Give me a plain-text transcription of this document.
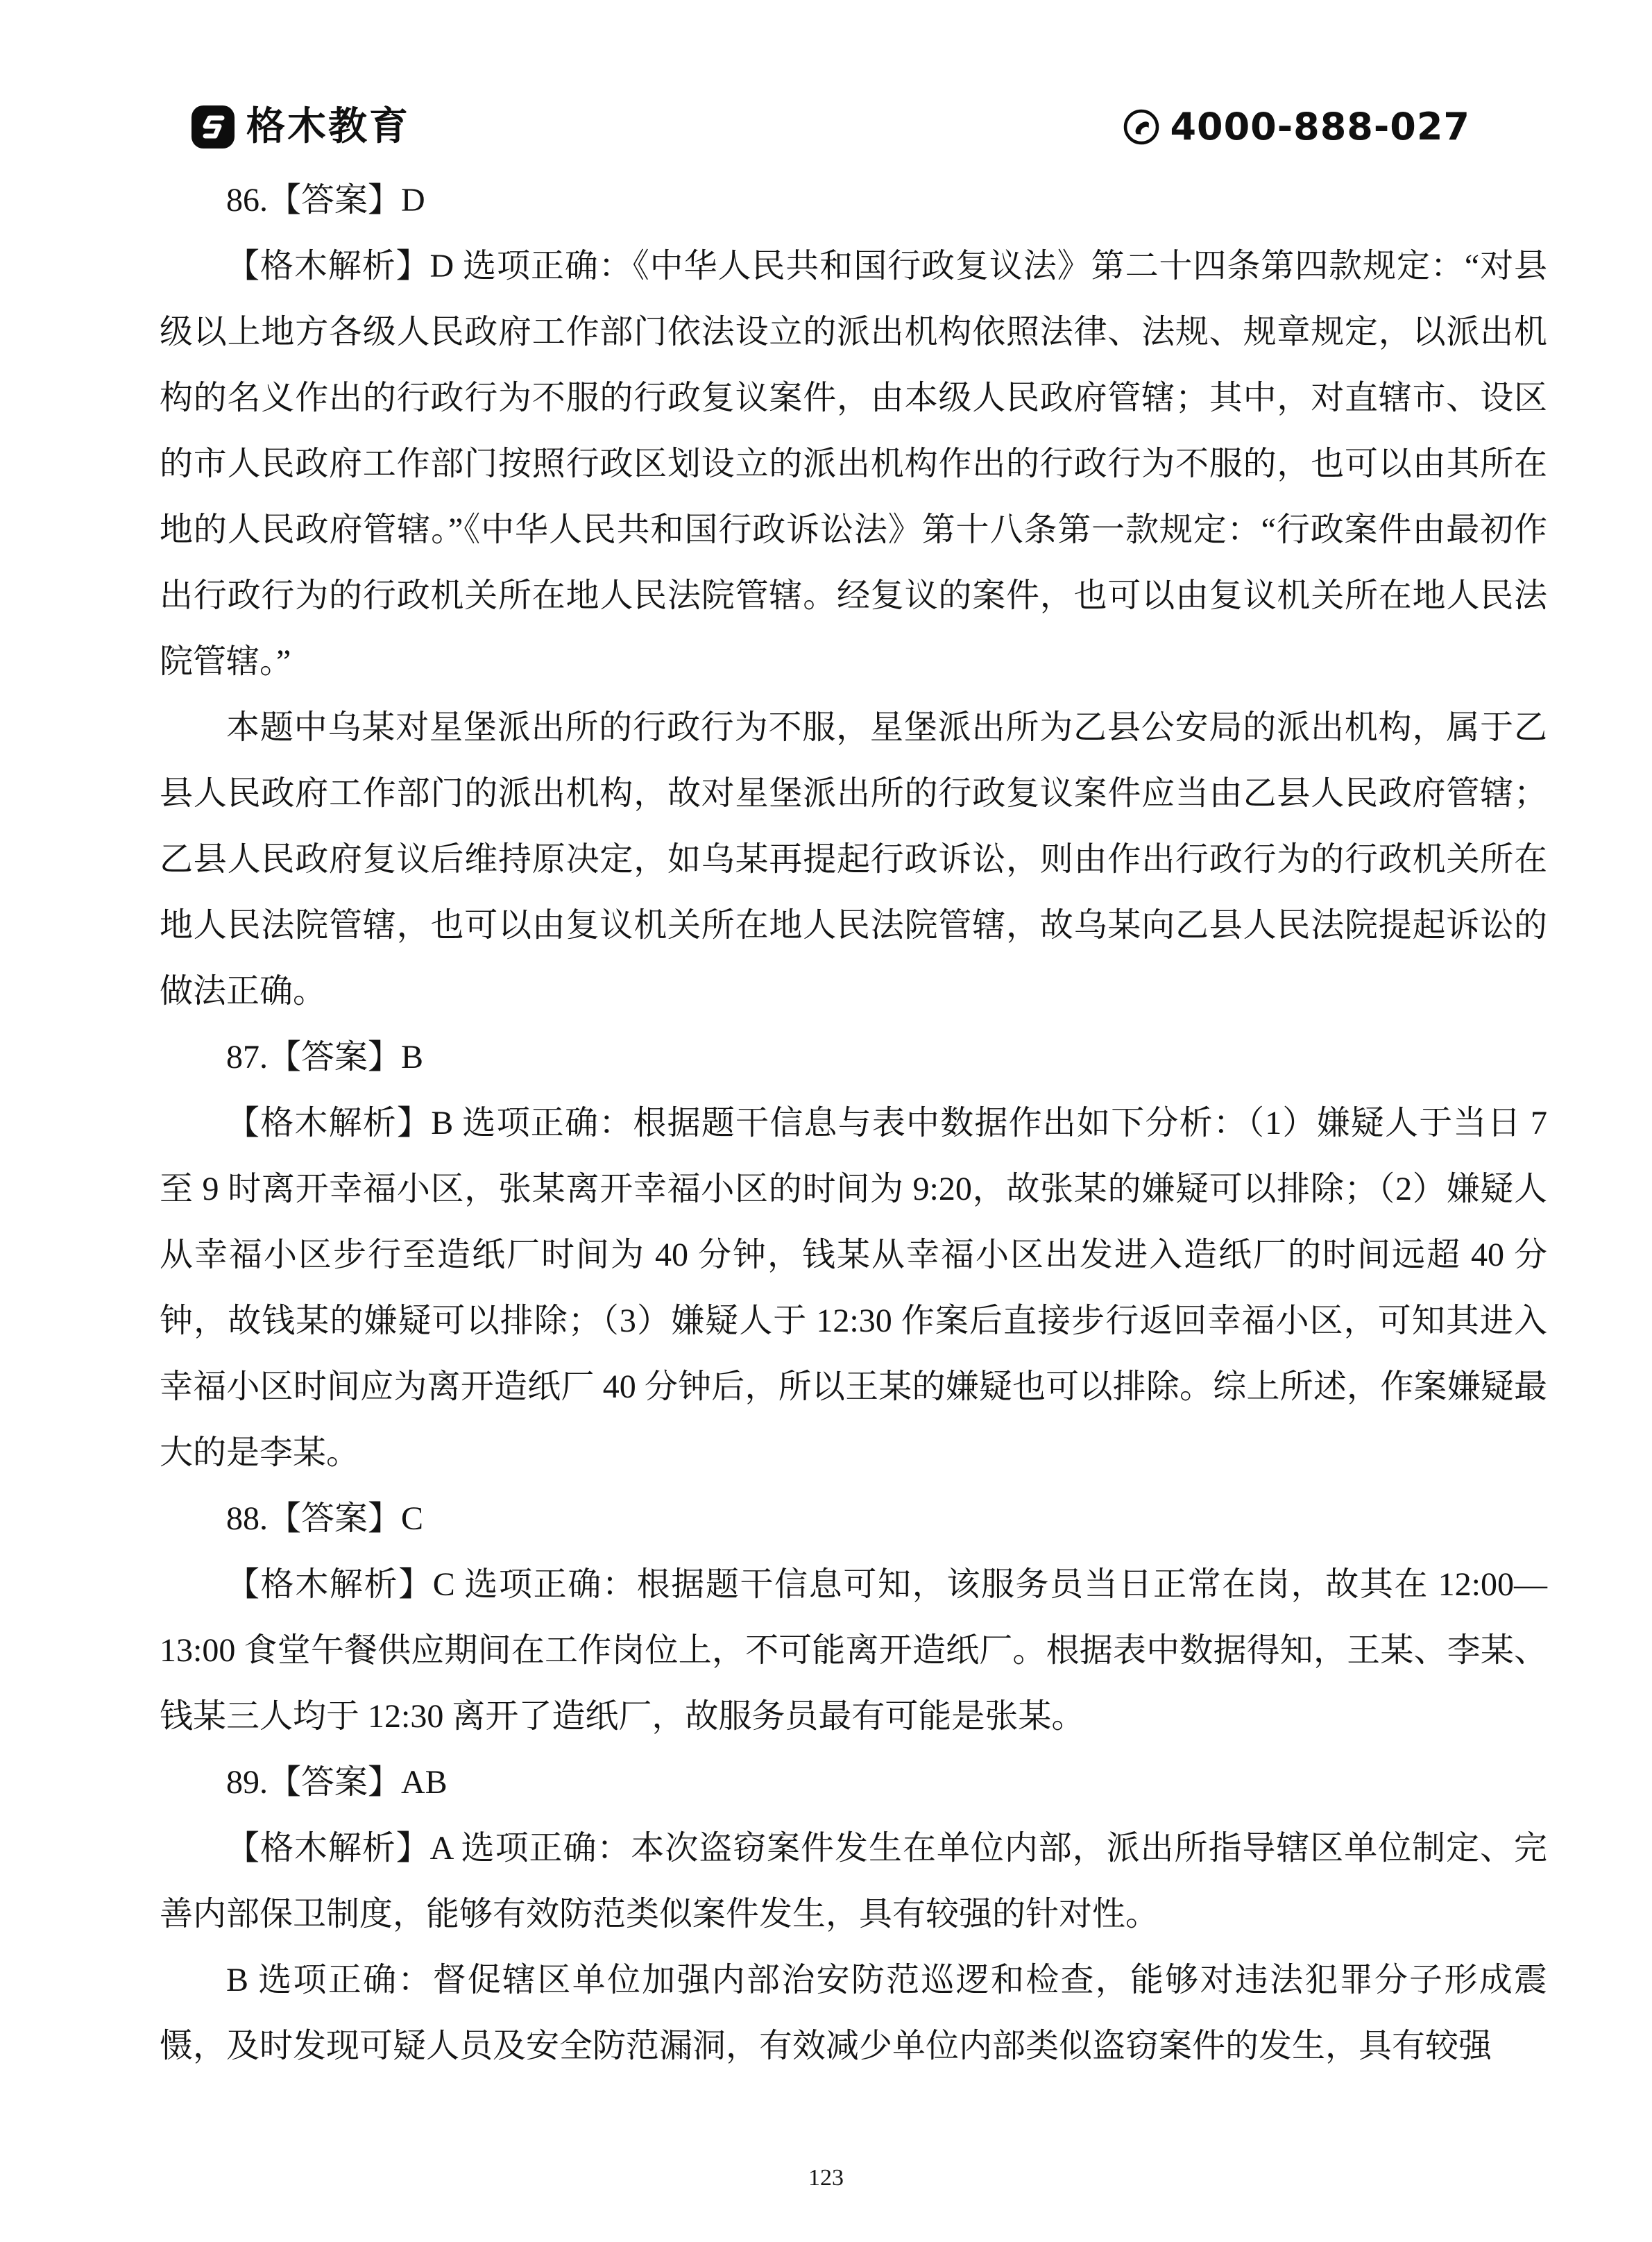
格木教育	4000-888-027

86.【答案】D

【格木解析】D 选项正确：《中华人民共和国行政复议法》第二十四条第四款规定：“对县级以上地方各级人民政府工作部门依法设立的派出机构依照法律、法规、规章规定，以派出机构的名义作出的行政行为不服的行政复议案件，由本级人民政府管辖；其中，对直辖市、设区的市人民政府工作部门按照行政区划设立的派出机构作出的行政行为不服的，也可以由其所在地的人民政府管辖。”《中华人民共和国行政诉讼法》第十八条第一款规定：“行政案件由最初作出行政行为的行政机关所在地人民法院管辖。经复议的案件，也可以由复议机关所在地人民法院管辖。”

本题中乌某对星堡派出所的行政行为不服，星堡派出所为乙县公安局的派出机构，属于乙县人民政府工作部门的派出机构，故对星堡派出所的行政复议案件应当由乙县人民政府管辖；乙县人民政府复议后维持原决定，如乌某再提起行政诉讼，则由作出行政行为的行政机关所在地人民法院管辖，也可以由复议机关所在地人民法院管辖，故乌某向乙县人民法院提起诉讼的做法正确。

87.【答案】B

【格木解析】B 选项正确：根据题干信息与表中数据作出如下分析：（1）嫌疑人于当日 7 至 9 时离开幸福小区，张某离开幸福小区的时间为 9:20，故张某的嫌疑可以排除；（2）嫌疑人从幸福小区步行至造纸厂时间为 40 分钟，钱某从幸福小区出发进入造纸厂的时间远超 40 分钟，故钱某的嫌疑可以排除；（3）嫌疑人于 12:30 作案后直接步行返回幸福小区，可知其进入幸福小区时间应为离开造纸厂 40 分钟后，所以王某的嫌疑也可以排除。综上所述，作案嫌疑最大的是李某。

88.【答案】C

【格木解析】C 选项正确：根据题干信息可知，该服务员当日正常在岗，故其在 12:00—13:00 食堂午餐供应期间在工作岗位上，不可能离开造纸厂。根据表中数据得知，王某、李某、钱某三人均于 12:30 离开了造纸厂，故服务员最有可能是张某。

89.【答案】AB

【格木解析】A 选项正确：本次盗窃案件发生在单位内部，派出所指导辖区单位制定、完善内部保卫制度，能够有效防范类似案件发生，具有较强的针对性。

B 选项正确：督促辖区单位加强内部治安防范巡逻和检查，能够对违法犯罪分子形成震慑，及时发现可疑人员及安全防范漏洞，有效减少单位内部类似盗窃案件的发生，具有较强

123
